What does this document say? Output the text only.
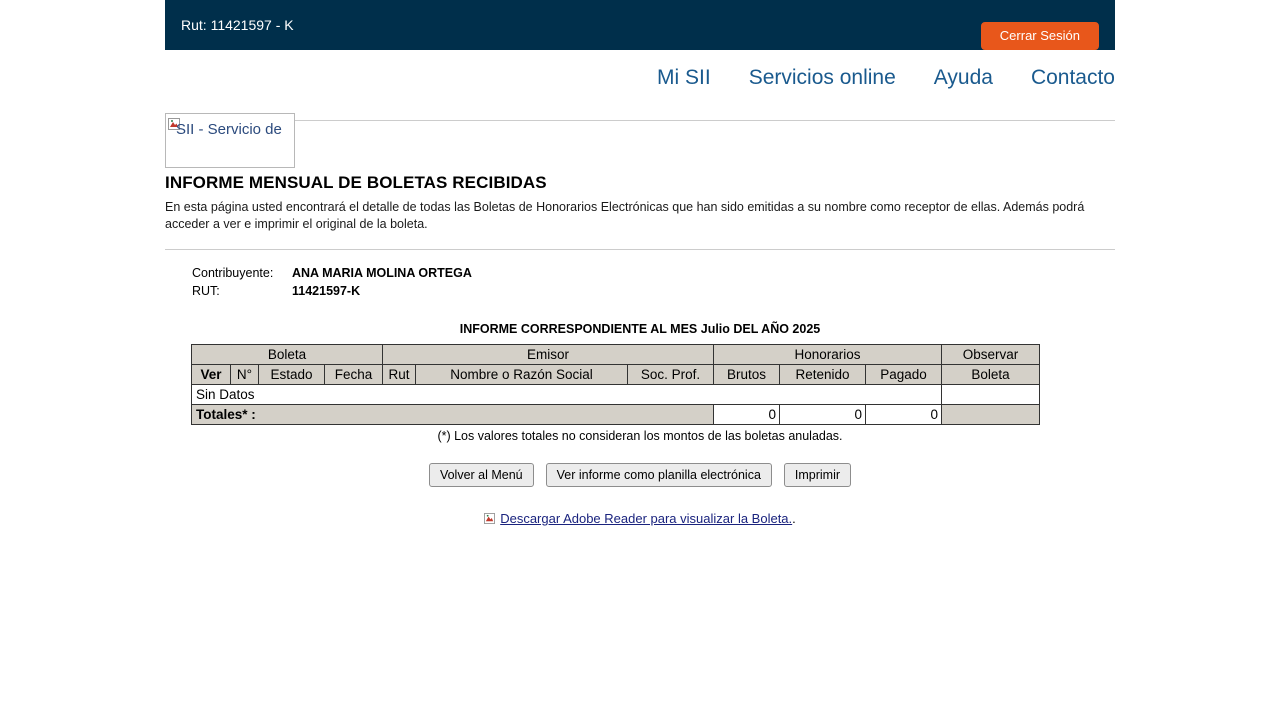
Rut: 11421597 - K
Cerrar Sesión
SII - Servicio de
Mi SII Servicios online Ayuda Contacto
INFORME MENSUAL DE BOLETAS RECIBIDAS
En esta página usted encontrará el detalle de todas las Boletas de Honorarios Electrónicas que han sido emitidas a su nombre como receptor de ellas. Además podrá acceder a ver e imprimir el original de la boleta.
Contribuyente: ANA MARIA MOLINA ORTEGA
RUT:	11421597-K
INFORME CORRESPONDIENTE AL MES Julio DEL AÑO 2025
Boleta				Emisor			Honorarios			Observar
Ver	N°	Estado	Fecha	Rut	Nombre o Razón Social	Soc. Prof.	Brutos	Retenido	Pagado	Boleta
Sin Datos										
Totales* :							0	0	0	
(*) Los valores totales no consideran los montos de las boletas anuladas.
Volver al Menú	Ver informe como planilla electrónica	Imprimir
Descargar Adobe Reader para visualizar la Boleta..
